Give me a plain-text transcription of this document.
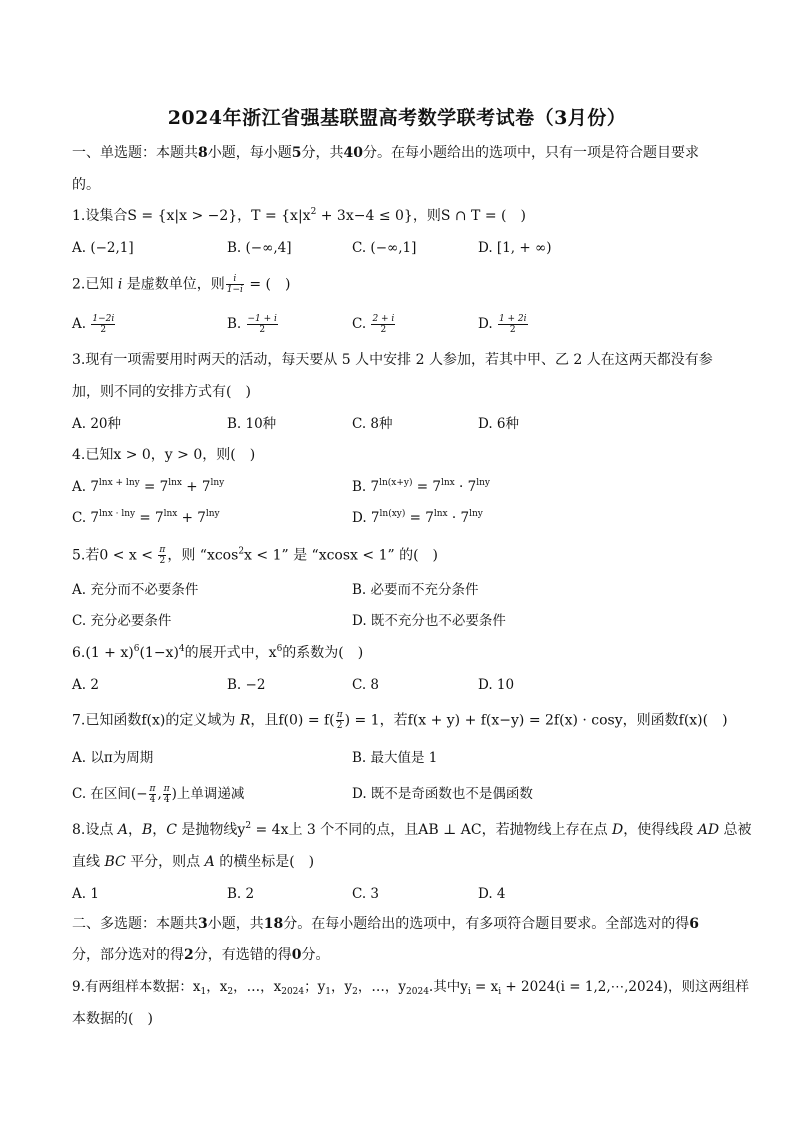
2024年浙江省强基联盟高考数学联考试卷（3月份）
一、单选题：本题共8小题，每小题5分，共40分。在每小题给出的选项中，只有一项是符合题目要求
的。
1.设集合S = {x|x > −2}，$T = \{x|x^2 + 3x-4 \le 0\}$，则S ∩ T = (　)
A. (−2,1]	B. (−∞,4]	C. (−∞,1]	D. [1, + ∞)
2.已知 i 是虚数单位，则 $\frac{i}{1-i}$ = (　)
A. $\frac{1-2i}{2}$	B. $\frac{-1 + i}{2}$	C. $\frac{2 + i}{2}$	D. $\frac{1 + 2i}{2}$
3.现有一项需要用时两天的活动，每天要从 5 人中安排 2 人参加，若其中甲、乙 2 人在这两天都没有参
加，则不同的安排方式有(　)
A. 20种	B. 10种	C. 8种	D. 6种
4.已知x > 0，y > 0，则(　)
A. $7^{lnx + lny} = 7^{lnx} + 7^{lny}$	B. $7^{ln(x+y)} = 7^{lnx} \cdot 7^{lny}$
C. $7^{lnx \cdot lny} = 7^{lnx} + 7^{lny}$	D. $7^{ln(xy)} = 7^{lnx} \cdot 7^{lny}$
5.若$0 < x < \frac{\pi}{2}$ ，则 “xcos$^2$x < 1” 是 “xcosx < 1” 的(　)
A. 充分而不必要条件	B. 必要而不充分条件
C. 充分必要条件	D. 既不充分也不必要条件
$6.(1 + x)^6(1-x)^4$的展开式中，$x^6$的系数为(　)
A. 2	B. −2	C. 8	D. 10
7.已知函数f(x)的定义域为 R，且$f(0) = f( \frac{\pi}{2}$ ) = 1，若f(x + y) + f(x−y) = 2f(x) · cosy，则函数f(x)(　)
A. 以π为周期	B. 最大值是 1
C. 在区间(− $\frac{\pi}{4}$ , $\frac{\pi}{4}$ )上单调递减	D. 既不是奇函数也不是偶函数
8.设点 A，B，C 是抛物线$y^2 = 4x$上 3 个不同的点，且AB ⊥ AC，若抛物线上存在点 D，使得线段 AD 总被
直线 BC 平分，则点 A 的横坐标是(　)
A. 1	B. 2	C. 3	D. 4
二、多选题：本题共3小题，共18分。在每小题给出的选项中，有多项符合题目要求。全部选对的得6
分，部分选对的得2分，有选错的得0分。
9.有两组样本数据：$x_1$，$x_2$，…，$x_{2024}$；$y_1$，$y_2$，…，$y_{2024}$.其中$y_i = x_i + 2024(i$ = 1,2,⋯,2024)，则这两组样
本数据的(　)
